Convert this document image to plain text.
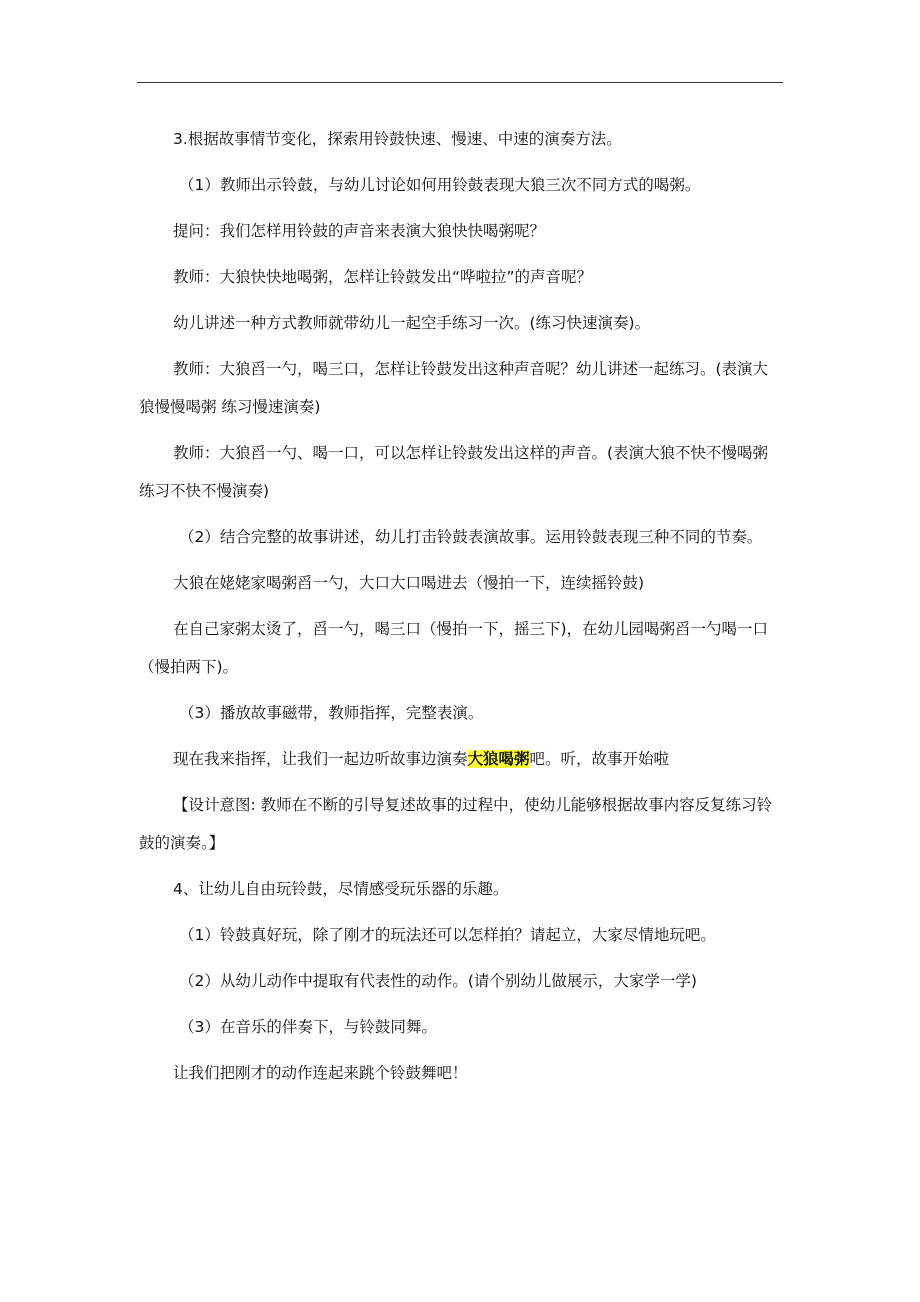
3.根据故事情节变化，探索用铃鼓快速、慢速、中速的演奏方法。

（1）教师出示铃鼓，与幼儿讨论如何用铃鼓表现大狼三次不同方式的喝粥。

提问：我们怎样用铃鼓的声音来表演大狼快快喝粥呢？

教师：大狼快快地喝粥，怎样让铃鼓发出“哗啦拉”的声音呢？

幼儿讲述一种方式教师就带幼儿一起空手练习一次。(练习快速演奏)。

教师：大狼舀一勺，喝三口，怎样让铃鼓发出这种声音呢？幼儿讲述一起练习。(表演大狼慢慢喝粥 练习慢速演奏)

教师：大狼舀一勺、喝一口，可以怎样让铃鼓发出这样的声音。(表演大狼不快不慢喝粥 练习不快不慢演奏)

（2）结合完整的故事讲述，幼儿打击铃鼓表演故事。运用铃鼓表现三种不同的节奏。

大狼在姥姥家喝粥舀一勺，大口大口喝进去（慢拍一下，连续摇铃鼓)

在自己家粥太烫了，舀一勺，喝三口（慢拍一下，摇三下)，在幼儿园喝粥舀一勺喝一口（慢拍两下)。

（3）播放故事磁带，教师指挥，完整表演。

现在我来指挥，让我们一起边听故事边演奏大狼喝粥吧。听，故事开始啦

【设计意图: 教师在不断的引导复述故事的过程中，使幼儿能够根据故事内容反复练习铃鼓的演奏。】

4、让幼儿自由玩铃鼓，尽情感受玩乐器的乐趣。

（1）铃鼓真好玩，除了刚才的玩法还可以怎样拍？请起立，大家尽情地玩吧。

（2）从幼儿动作中提取有代表性的动作。(请个别幼儿做展示，大家学一学)

（3）在音乐的伴奏下，与铃鼓同舞。

让我们把刚才的动作连起来跳个铃鼓舞吧！
